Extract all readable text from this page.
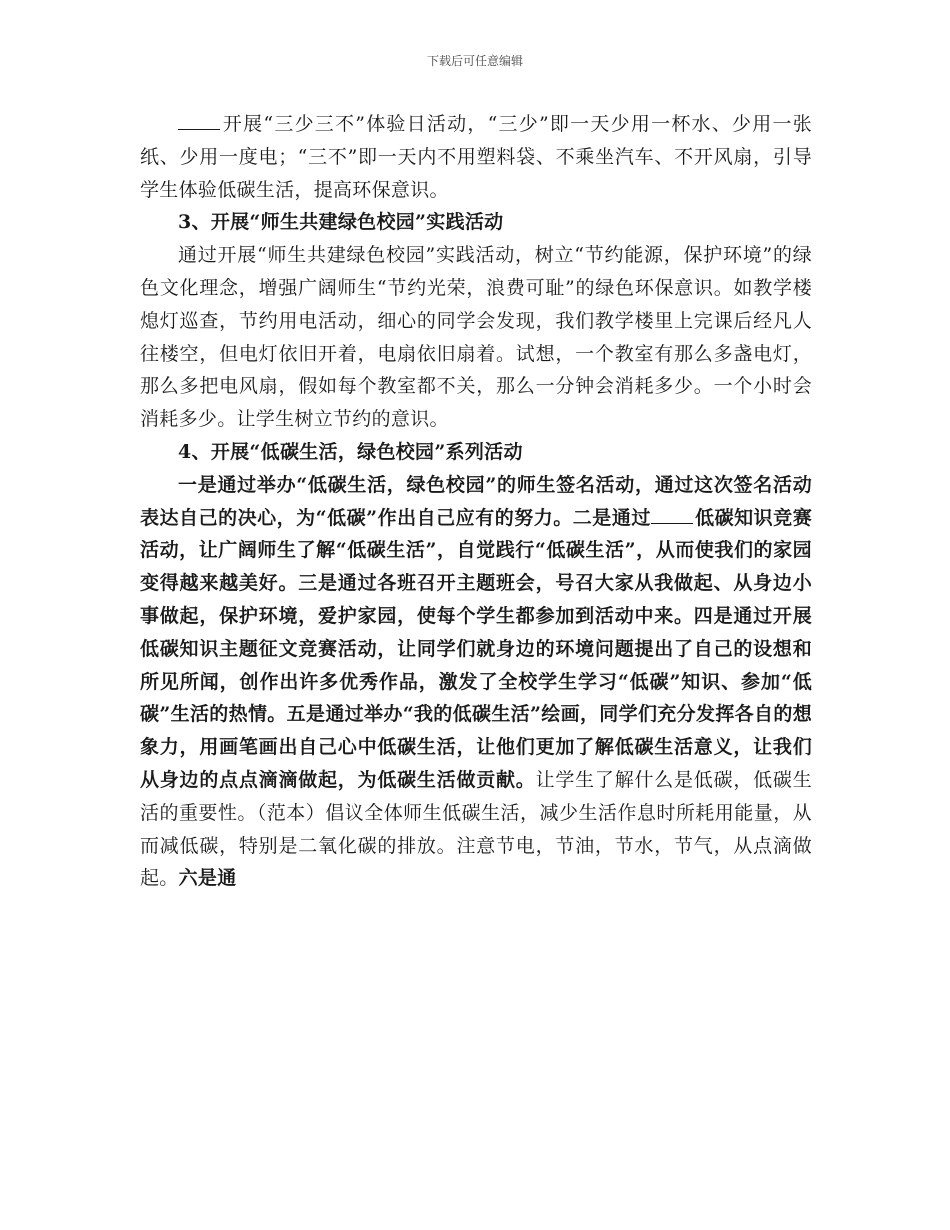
下载后可任意编辑

开展“三少三不”体验日活动，“三少”即一天少用一杯水、少用一张纸、少用一度电；“三不”即一天内不用塑料袋、不乘坐汽车、不开风扇，引导学生体验低碳生活，提高环保意识。

3、开展“师生共建绿色校园”实践活动

通过开展“师生共建绿色校园”实践活动，树立“节约能源，保护环境”的绿色文化理念，增强广阔师生“节约光荣，浪费可耻”的绿色环保意识。如教学楼熄灯巡查，节约用电活动，细心的同学会发现，我们教学楼里上完课后经凡人往楼空，但电灯依旧开着，电扇依旧扇着。试想，一个教室有那么多盏电灯，那么多把电风扇，假如每个教室都不关，那么一分钟会消耗多少。一个小时会消耗多少。让学生树立节约的意识。

4、开展“低碳生活，绿色校园”系列活动

一是通过举办“低碳生活，绿色校园”的师生签名活动，通过这次签名活动表达自己的决心，为“低碳”作出自己应有的努力。二是通过 低碳知识竞赛活动，让广阔师生了解“低碳生活”，自觉践行“低碳生活”，从而使我们的家园变得越来越美好。三是通过各班召开主题班会，号召大家从我做起、从身边小事做起，保护环境，爱护家园，使每个学生都参加到活动中来。四是通过开展低碳知识主题征文竞赛活动，让同学们就身边的环境问题提出了自己的设想和所见所闻，创作出许多优秀作品，激发了全校学生学习“低碳”知识、参加“低碳”生活的热情。五是通过举办“我的低碳生活”绘画，同学们充分发挥各自的想象力，用画笔画出自己心中低碳生活，让他们更加了解低碳生活意义，让我们从身边的点点滴滴做起，为低碳生活做贡献。让学生了解什么是低碳，低碳生活的重要性。（范本）倡议全体师生低碳生活，减少生活作息时所耗用能量，从而减低碳，特别是二氧化碳的排放。注意节电，节油，节水，节气，从点滴做起。六是通
